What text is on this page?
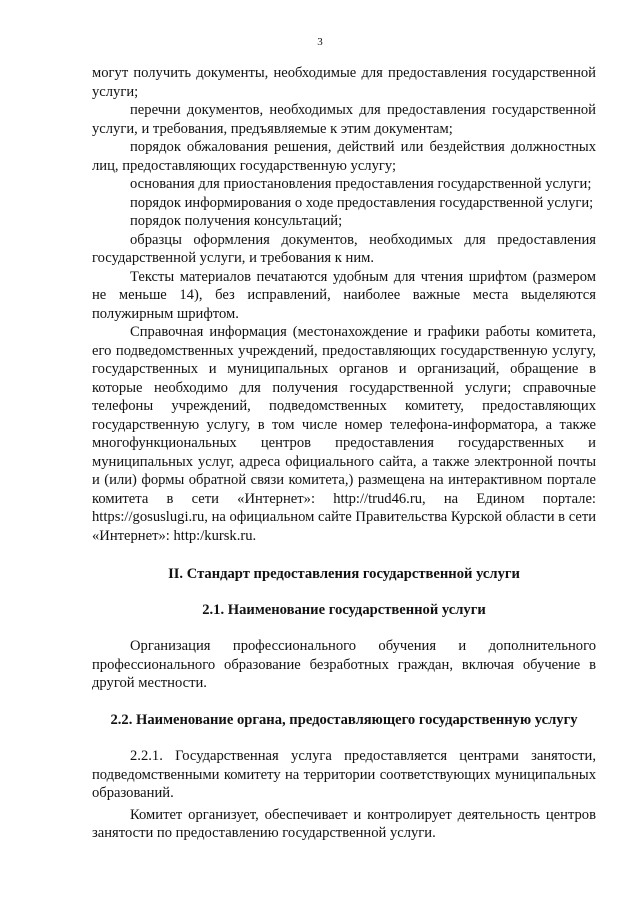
3

могут получить документы, необходимые для предоставления государственной услуги;

перечни документов, необходимых для предоставления государственной услуги, и требования, предъявляемые к этим документам;

порядок обжалования решения, действий или бездействия должностных лиц, предоставляющих государственную услугу;

основания для приостановления предоставления государственной услуги;

порядок информирования о ходе предоставления государственной услуги;

порядок получения консультаций;

образцы оформления документов, необходимых для предоставления государственной услуги, и требования к ним.

Тексты материалов печатаются удобным для чтения шрифтом (размером не меньше 14), без исправлений, наиболее важные места выделяются полужирным шрифтом.

Справочная информация (местонахождение и графики работы комитета, его подведомственных учреждений, предоставляющих государственную услугу, государственных и муниципальных органов и организаций, обращение в которые необходимо для получения государственной услуги; справочные телефоны учреждений, подведомственных комитету, предоставляющих государственную услугу, в том числе номер телефона-информатора, а также многофункциональных центров предоставления государственных и муниципальных услуг, адреса официального сайта, а также электронной почты и (или) формы обратной связи комитета,) размещена на интерактивном портале комитета в сети «Интернет»: http://trud46.ru, на Едином портале: https://gosuslugi.ru, на официальном сайте Правительства Курской области в сети «Интернет»: http:/kursk.ru.

II. Стандарт предоставления государственной услуги

2.1. Наименование государственной услуги

Организация профессионального обучения и дополнительного профессионального образование безработных граждан, включая обучение в другой местности.

2.2. Наименование органа, предоставляющего государственную услугу

2.2.1. Государственная услуга предоставляется центрами занятости, подведомственными комитету на территории соответствующих муниципальных образований.

Комитет организует, обеспечивает и контролирует деятельность центров занятости по предоставлению государственной услуги.
